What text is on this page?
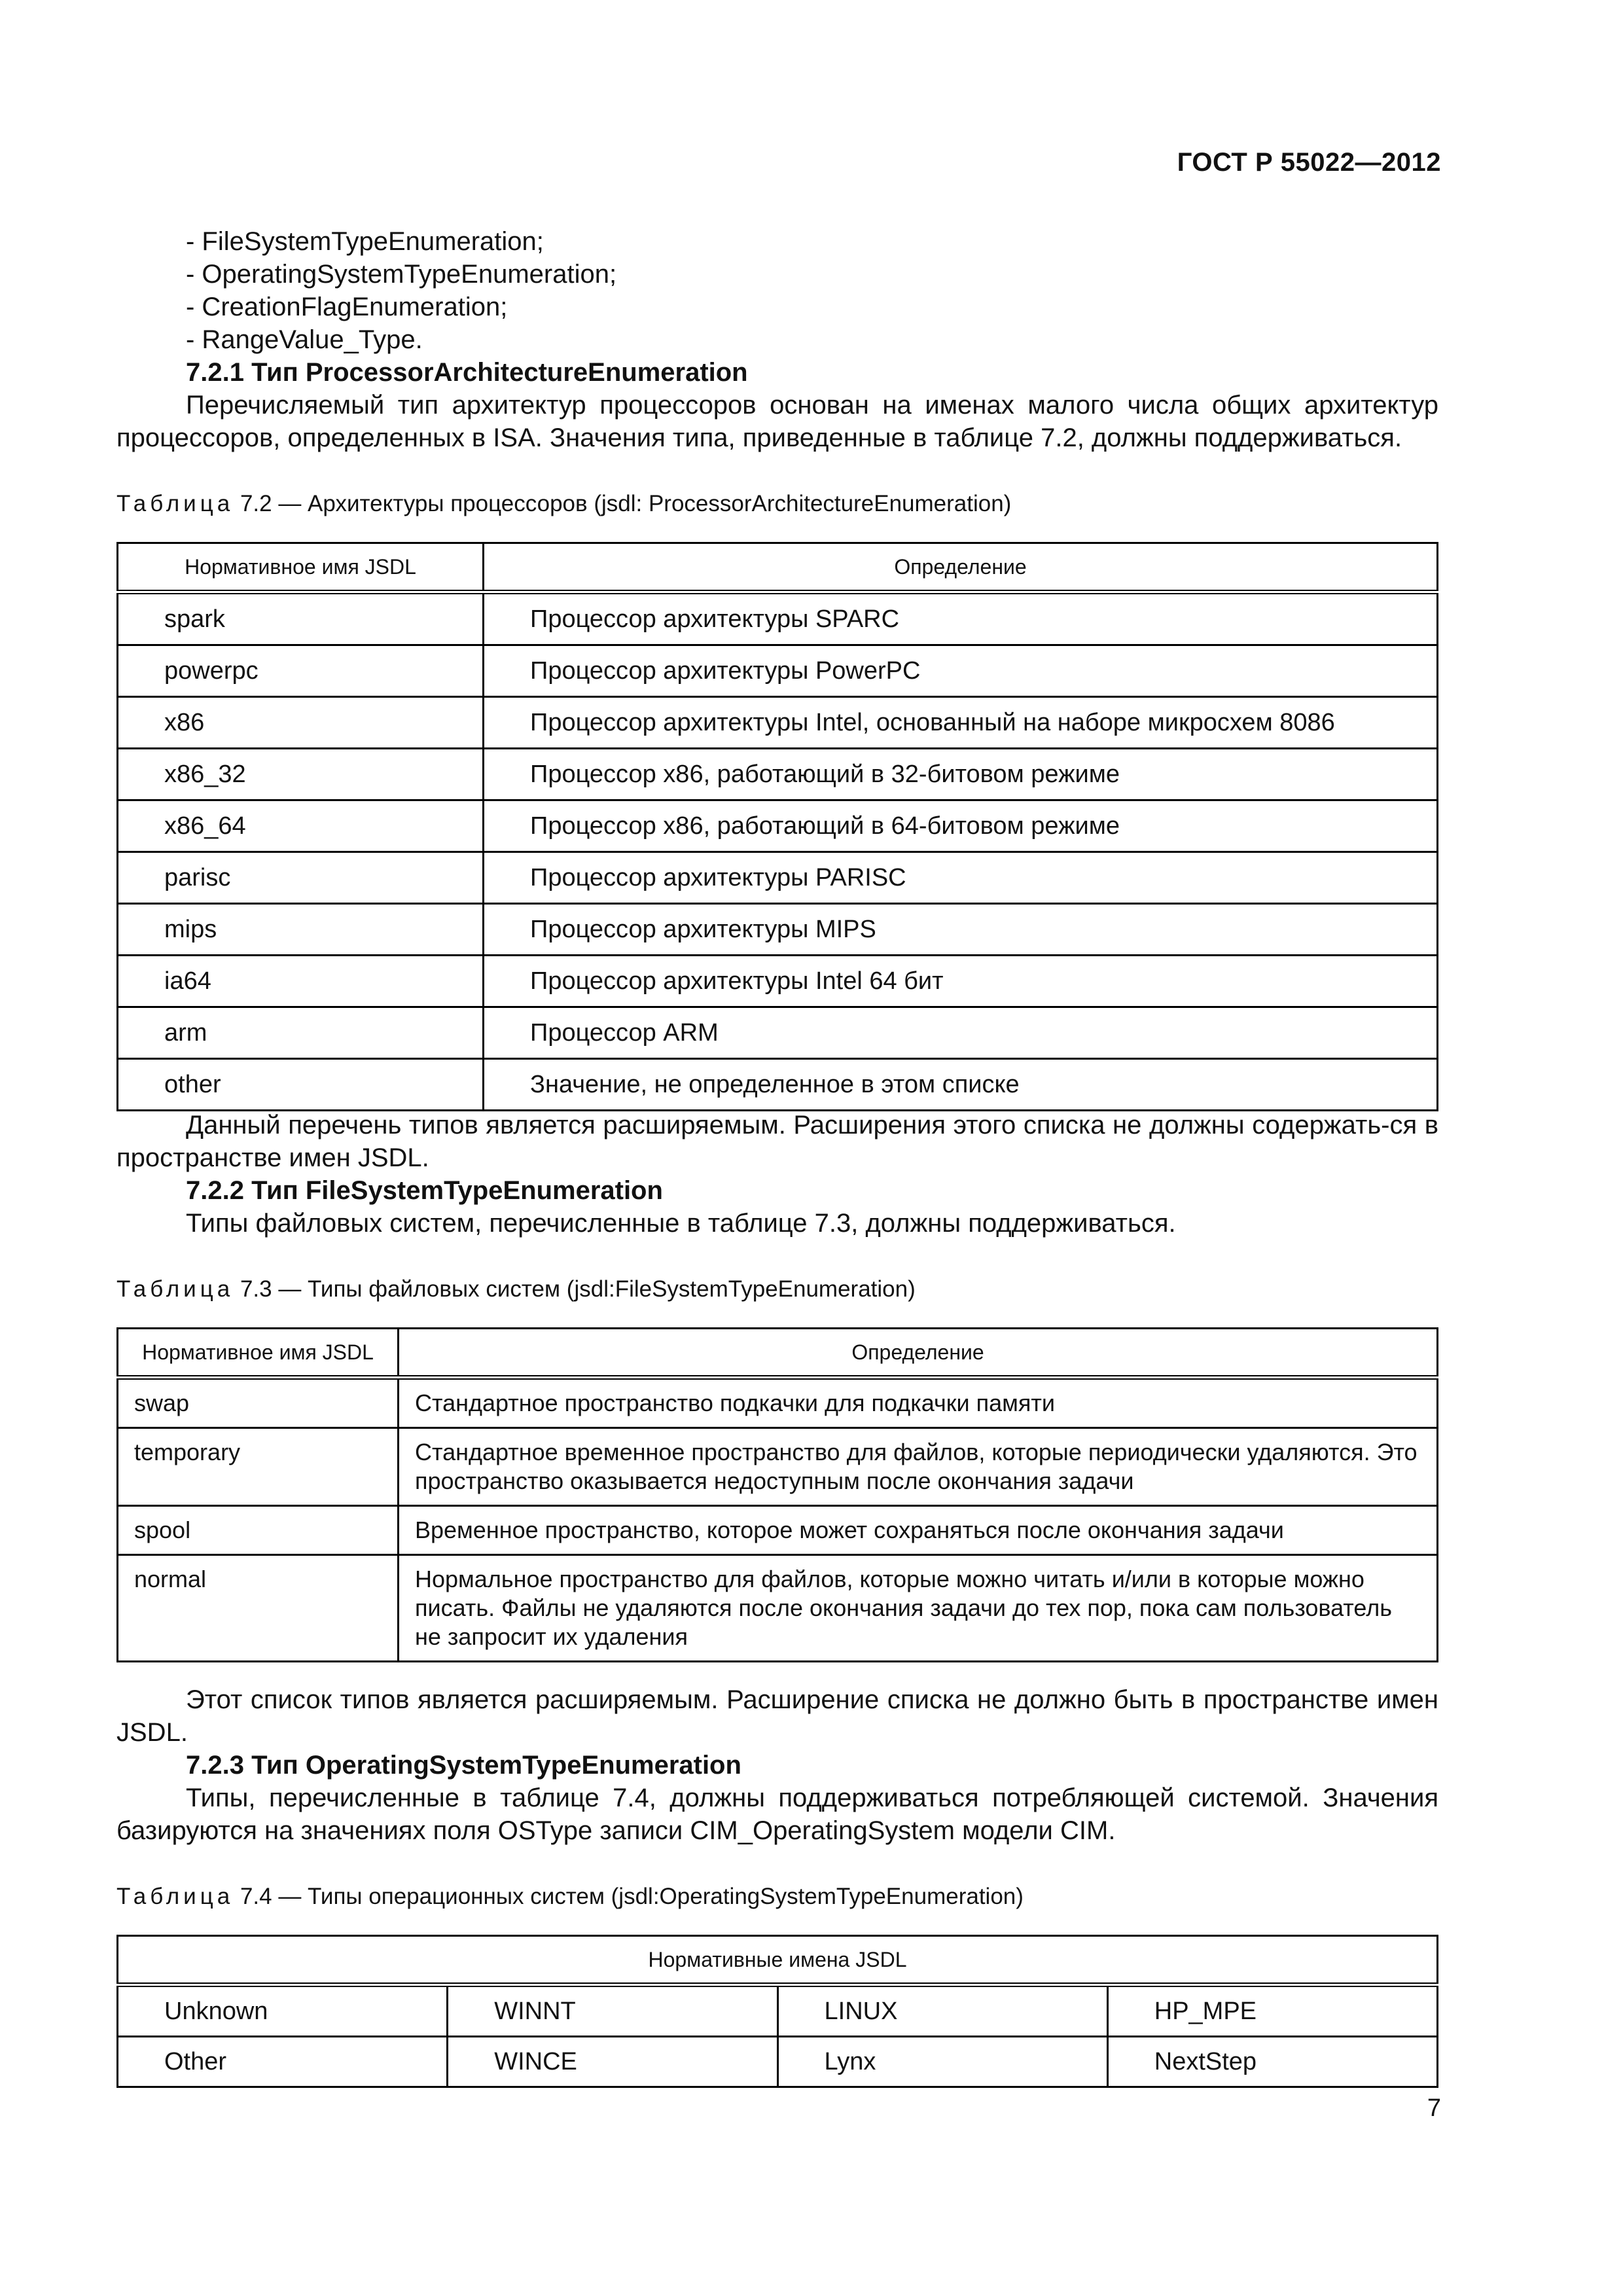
ГОСТ Р 55022—2012
- FileSystemTypeEnumeration;
- OperatingSystemTypeEnumeration;
- CreationFlagEnumeration;
- RangeValue_Type.
7.2.1 Тип ProcessorArchitectureEnumeration
Перечисляемый тип архитектур процессоров основан на именах малого числа общих архитектур процессоров, определенных в ISA. Значения типа, приведенные в таблице 7.2, должны поддерживаться.
Таблица 7.2 — Архитектуры процессоров (jsdl: ProcessorArchitectureEnumeration)
Нормативное имя JSDL	Определение
spark	Процессор архитектуры SPARC
powerpc	Процессор архитектуры PowerPC
x86	Процессор архитектуры Intel, основанный на наборе микросхем 8086
x86_32	Процессор x86, работающий в 32-битовом режиме
x86_64	Процессор x86, работающий в 64-битовом режиме
parisc	Процессор архитектуры PARISC
mips	Процессор архитектуры MIPS
ia64	Процессор архитектуры Intel 64 бит
arm	Процессор ARM
other	Значение, не определенное в этом списке
Данный перечень типов является расширяемым. Расширения этого списка не должны содержать-ся в пространстве имен JSDL.
7.2.2 Тип FileSystemTypeEnumeration
Типы файловых систем, перечисленные в таблице 7.3, должны поддерживаться.
Таблица 7.3 — Типы файловых систем (jsdl:FileSystemTypeEnumeration)
Нормативное имя JSDL	Определение
swap	Стандартное пространство подкачки для подкачки памяти
temporary	Стандартное временное пространство для файлов, которые периодически удаляются. Это пространство оказывается недоступным после окончания задачи
spool	Временное пространство, которое может сохраняться после окончания задачи
normal	Нормальное пространство для файлов, которые можно читать и/или в которые можно писать. Файлы не удаляются после окончания задачи до тех пор, пока сам пользователь не запросит их удаления
Этот список типов является расширяемым. Расширение списка не должно быть в пространстве имен JSDL.
7.2.3 Тип OperatingSystemTypeEnumeration
Типы, перечисленные в таблице 7.4, должны поддерживаться потребляющей системой. Значения базируются на значениях поля OSType записи CIM_OperatingSystem модели CIM.
Таблица 7.4 — Типы операционных систем (jsdl:OperatingSystemTypeEnumeration)
Нормативные имена JSDL			
Unknown	WINNT	LINUX	HP_MPE
Other	WINCE	Lynx	NextStep
7
